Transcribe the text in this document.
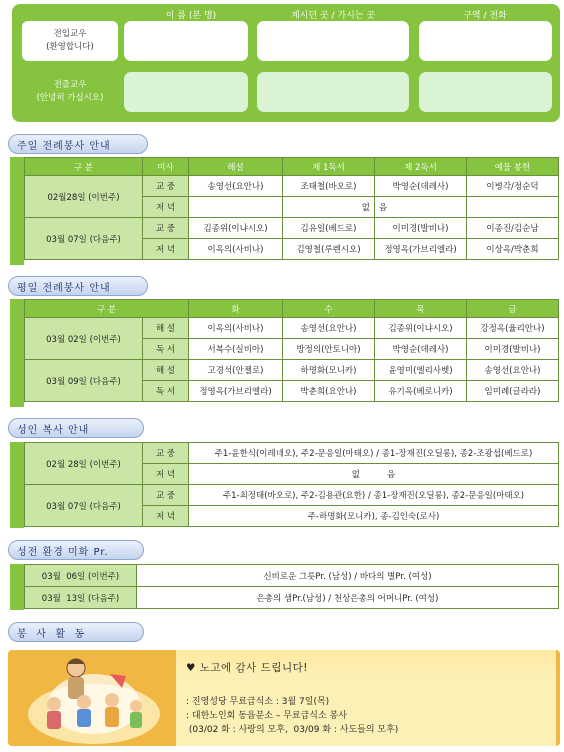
이 름 (본 명)	계시던 곳 / 가시는 곳	구역 / 전화
전입교우
(환영합니다)
전출교우
(안녕히 가십시오)
주일 전례봉사 안내
구 분	미사	해설	제 1독서	제 2독서	예물 봉헌
02월28일 (이번주)	교 중	송영선(요안나)	조태철(바오로)	박영순(데레사)	이병각/정순덕
	저 녁		없	음	
03월 07일 (다음주)	교 중	김종위(이냐시오)	김유일(베드로)	이미경(발비나)	이종진/김순남
	저 녁	이옥의(사비나)	김영철(루렌시오)	정영옥(가브리엘라)	이상옥/박춘희
평일 전례봉사 안내
구 분		화	수	목	금
03월 02일 (이번주)	해 설	이옥의(사비나)	송영선(요안나)	김종위(이냐시오)	강정옥(율리안나)
	독 서	서복수(실비아)	방정의(안토니아)	박영순(데레사)	이미경(발비나)
03월 09일 (다음주)	해 설	고경석(안젤로)	하명화(모니카)	윤영미(엘리사벳)	송영선(요안나)
	독 서	정영옥(가브리엘라)	박춘희(요안나)	유기옥(베로니카)	임미례(글라라)
성인 복사 안내
02월 28일 (이번주)	교 중	주1-윤한식(이레네오), 주2-문응일(마태오) / 종1-장재진(오딜롱), 종2-조광섭(베드로)
	저 녁	없          음
03월 07일 (다음주)	교 중	주1-최정태(바오로), 주2-김용관(요한) / 종1-장재진(오딜롱), 종2-문응일(마태오)
	저 녁	주-하명화(모니카), 종-김인숙(로사)
성전 환경 미화 Pr.
03월  06일 (이번주)	신비로운 그릇Pr. (남성) / 바다의 별Pr. (여성)
03월  13일 (다음주)	은총의 샘Pr.(남성) / 천상은총의 어머니Pr. (여성)
봉   사   활   동
♥ 노고에 감사 드립니다!
: 진영성당 무료급식소 : 3월 7일(목)
: 대한노인회 동읍분소 – 무료급식소 봉사
(03/02 화 : 사랑의 모후,  03/09 화 : 사도들의 모후)
